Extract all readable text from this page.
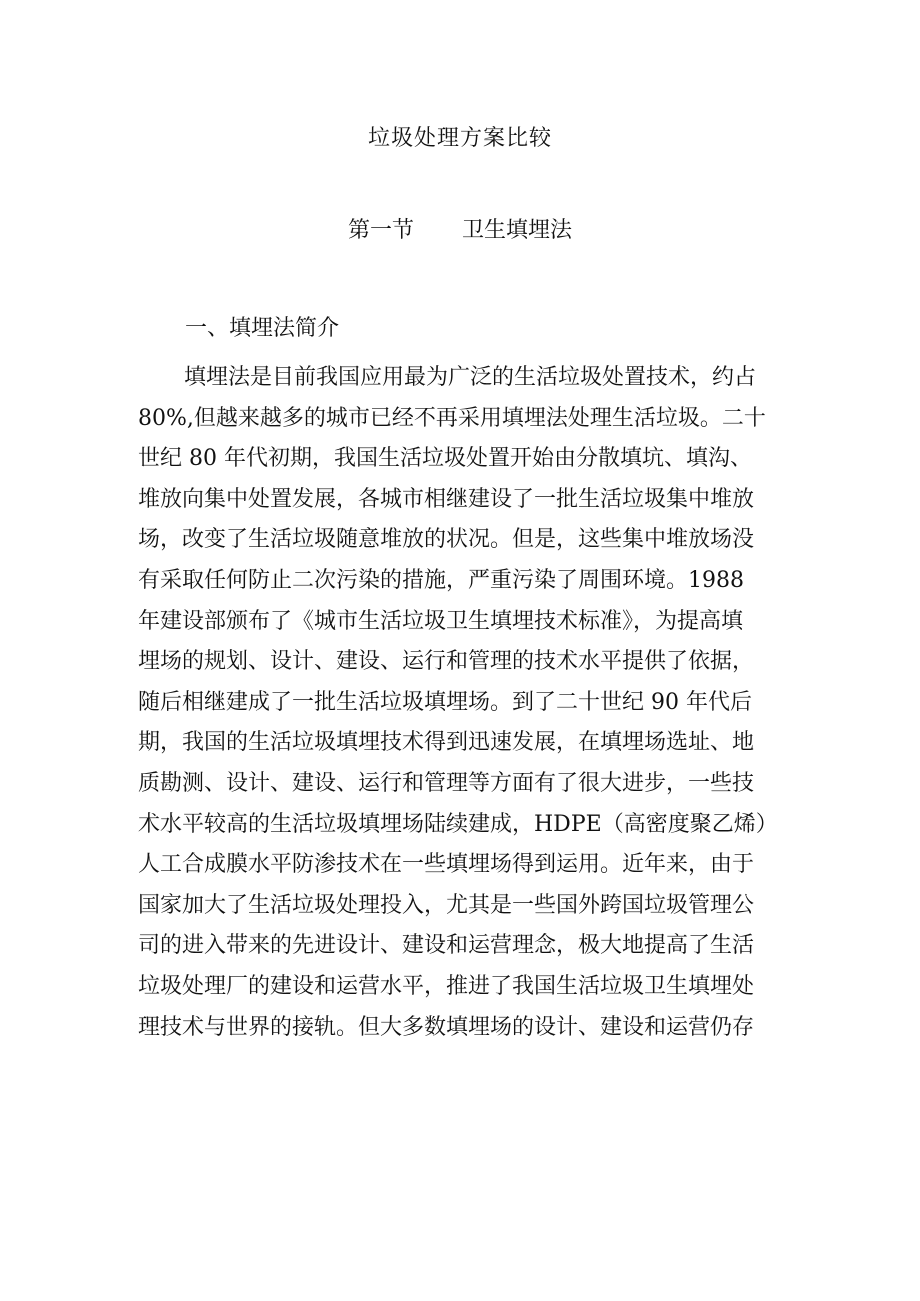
垃圾处理方案比较
第一节 卫生填埋法
一、填埋法简介
填埋法是目前我国应用最为广泛的生活垃圾处置技术，约占
80%,但越来越多的城市已经不再采用填埋法处理生活垃圾。二十
世纪 80 年代初期，我国生活垃圾处置开始由分散填坑、填沟、
堆放向集中处置发展，各城市相继建设了一批生活垃圾集中堆放
场，改变了生活垃圾随意堆放的状况。但是，这些集中堆放场没
有采取任何防止二次污染的措施，严重污染了周围环境。1988
年建设部颁布了《城市生活垃圾卫生填埋技术标准》，为提高填
埋场的规划、设计、建设、运行和管理的技术水平提供了依据，
随后相继建成了一批生活垃圾填埋场。到了二十世纪 90 年代后
期，我国的生活垃圾填埋技术得到迅速发展，在填埋场选址、地
质勘测、设计、建设、运行和管理等方面有了很大进步，一些技
术水平较高的生活垃圾填埋场陆续建成，HDPE（高密度聚乙烯）
人工合成膜水平防渗技术在一些填埋场得到运用。近年来，由于
国家加大了生活垃圾处理投入，尤其是一些国外跨国垃圾管理公
司的进入带来的先进设计、建设和运营理念，极大地提高了生活
垃圾处理厂的建设和运营水平，推进了我国生活垃圾卫生填埋处
理技术与世界的接轨。但大多数填埋场的设计、建设和运营仍存
